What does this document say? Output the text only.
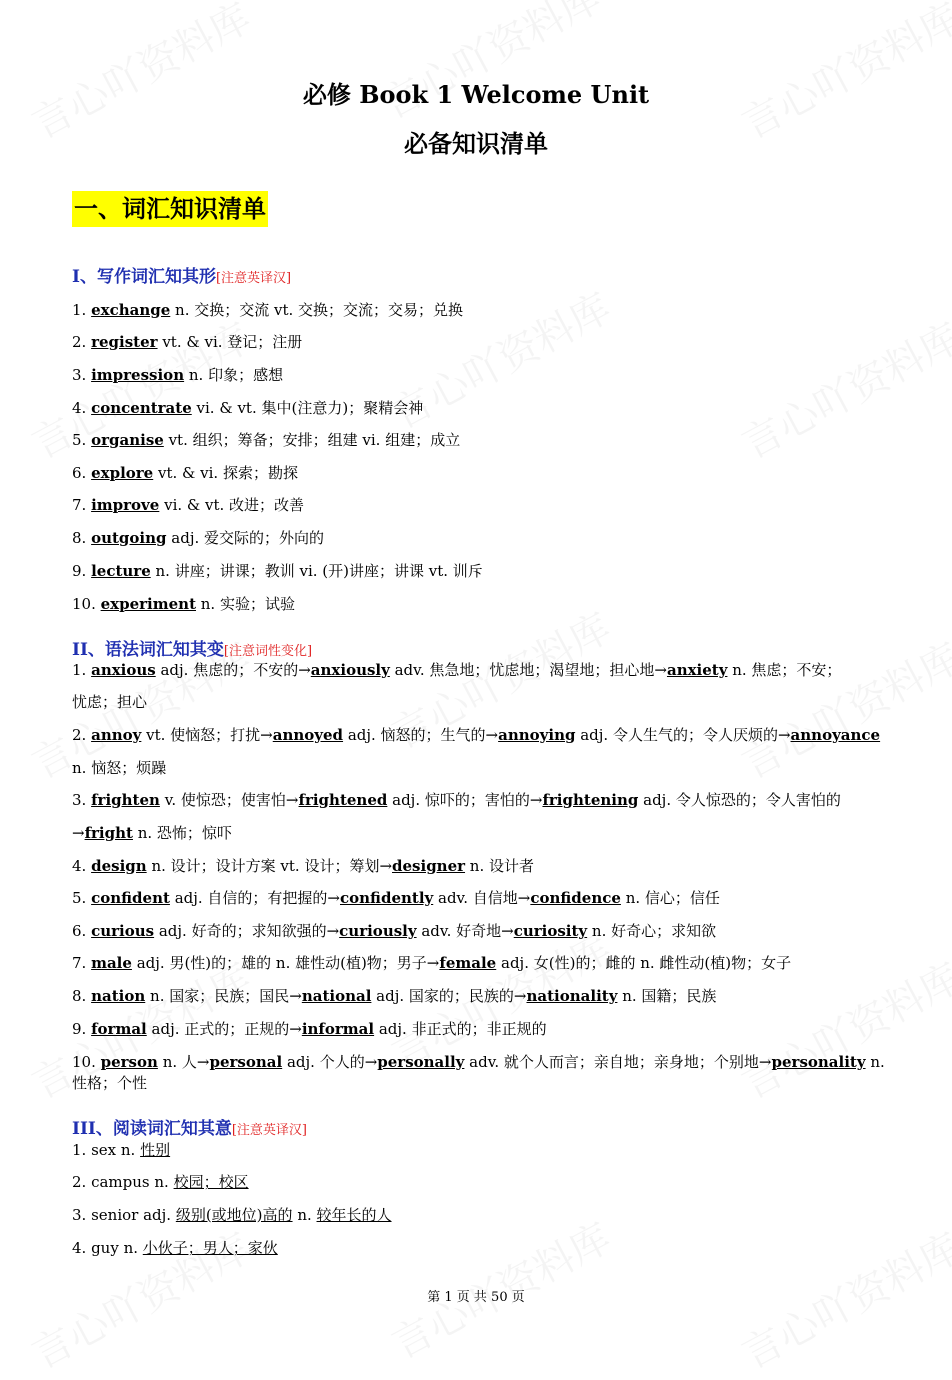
必修 Book 1 Welcome Unit
必备知识清单
一、词汇知识清单
I、写作词汇知其形[注意英译汉]
1. exchange n. 交换；交流 vt. 交换；交流；交易；兑换
2. register vt. & vi. 登记；注册
3. impression n. 印象；感想
4. concentrate vi. & vt. 集中(注意力)；聚精会神
5. organise vt. 组织；筹备；安排；组建 vi. 组建；成立
6. explore vt. & vi. 探索；勘探
7. improve vi. & vt. 改进；改善
8. outgoing adj. 爱交际的；外向的
9. lecture n. 讲座；讲课；教训 vi. (开)讲座；讲课 vt. 训斥
10. experiment n. 实验；试验
II、语法词汇知其变[注意词性变化]
1. anxious adj. 焦虑的；不安的→anxiously adv. 焦急地；忧虑地；渴望地；担心地→anxiety n. 焦虑；不安；
忧虑；担心
2. annoy vt. 使恼怒；打扰→annoyed adj. 恼怒的；生气的→annoying adj. 令人生气的；令人厌烦的→annoyance
n. 恼怒；烦躁
3. frighten v. 使惊恐；使害怕→frightened adj. 惊吓的；害怕的→frightening adj. 令人惊恐的；令人害怕的
→fright n. 恐怖；惊吓
4. design n. 设计；设计方案 vt. 设计；筹划→designer n. 设计者
5. confident adj. 自信的；有把握的→confidently adv. 自信地→confidence n. 信心；信任
6. curious adj. 好奇的；求知欲强的→curiously adv. 好奇地→curiosity n. 好奇心；求知欲
7. male adj. 男(性)的；雄的 n. 雄性动(植)物；男子→female adj. 女(性)的；雌的 n. 雌性动(植)物；女子
8. nation n. 国家；民族；国民→national adj. 国家的；民族的→nationality n. 国籍；民族
9. formal adj. 正式的；正规的→informal adj. 非正式的；非正规的
10. person n. 人→personal adj. 个人的→personally adv. 就个人而言；亲自地；亲身地；个别地→personality n.
性格；个性
III、阅读词汇知其意[注意英译汉]
1. sex n. 性别
2. campus n. 校园；校区
3. senior adj. 级别(或地位)高的 n. 较年长的人
4. guy n. 小伙子；男人；家伙
第 1 页 共 50 页
